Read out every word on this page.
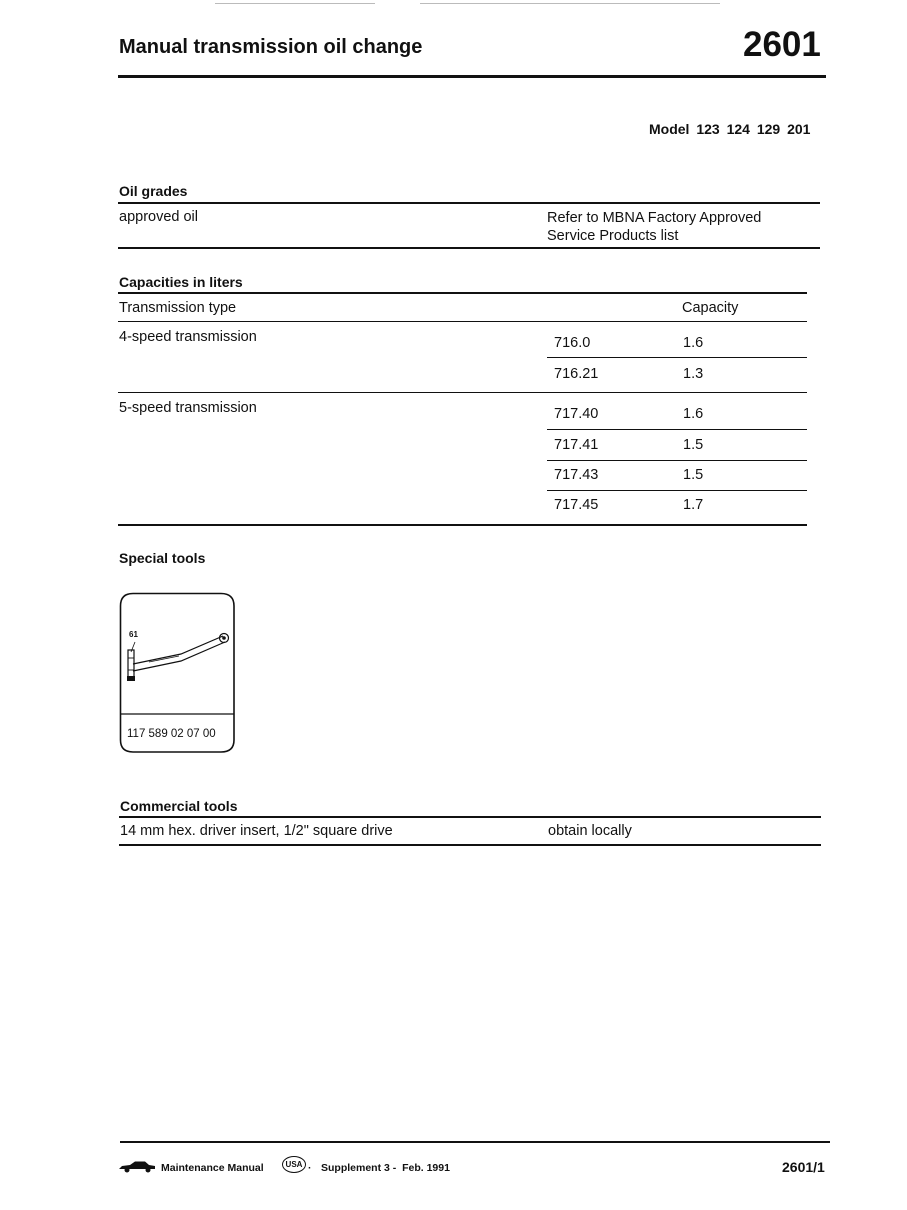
Manual transmission oil change	2601
Model 123 124 129 201
Oil grades
approved oil	Refer to MBNA Factory Approved
Service Products list
Capacities in liters
Transmission type	Capacity
4-speed transmission	716.0	1.6
716.21	1.3
5-speed transmission	717.40	1.6
717.41	1.5
717.43	1.5
717.45	1.7
Special tools
61
117 589 02 07 00
Commercial tools
14 mm hex. driver insert, 1/2" square drive	obtain locally
Maintenance Manual	USA · Supplement 3 -  Feb. 1991	2601/1
